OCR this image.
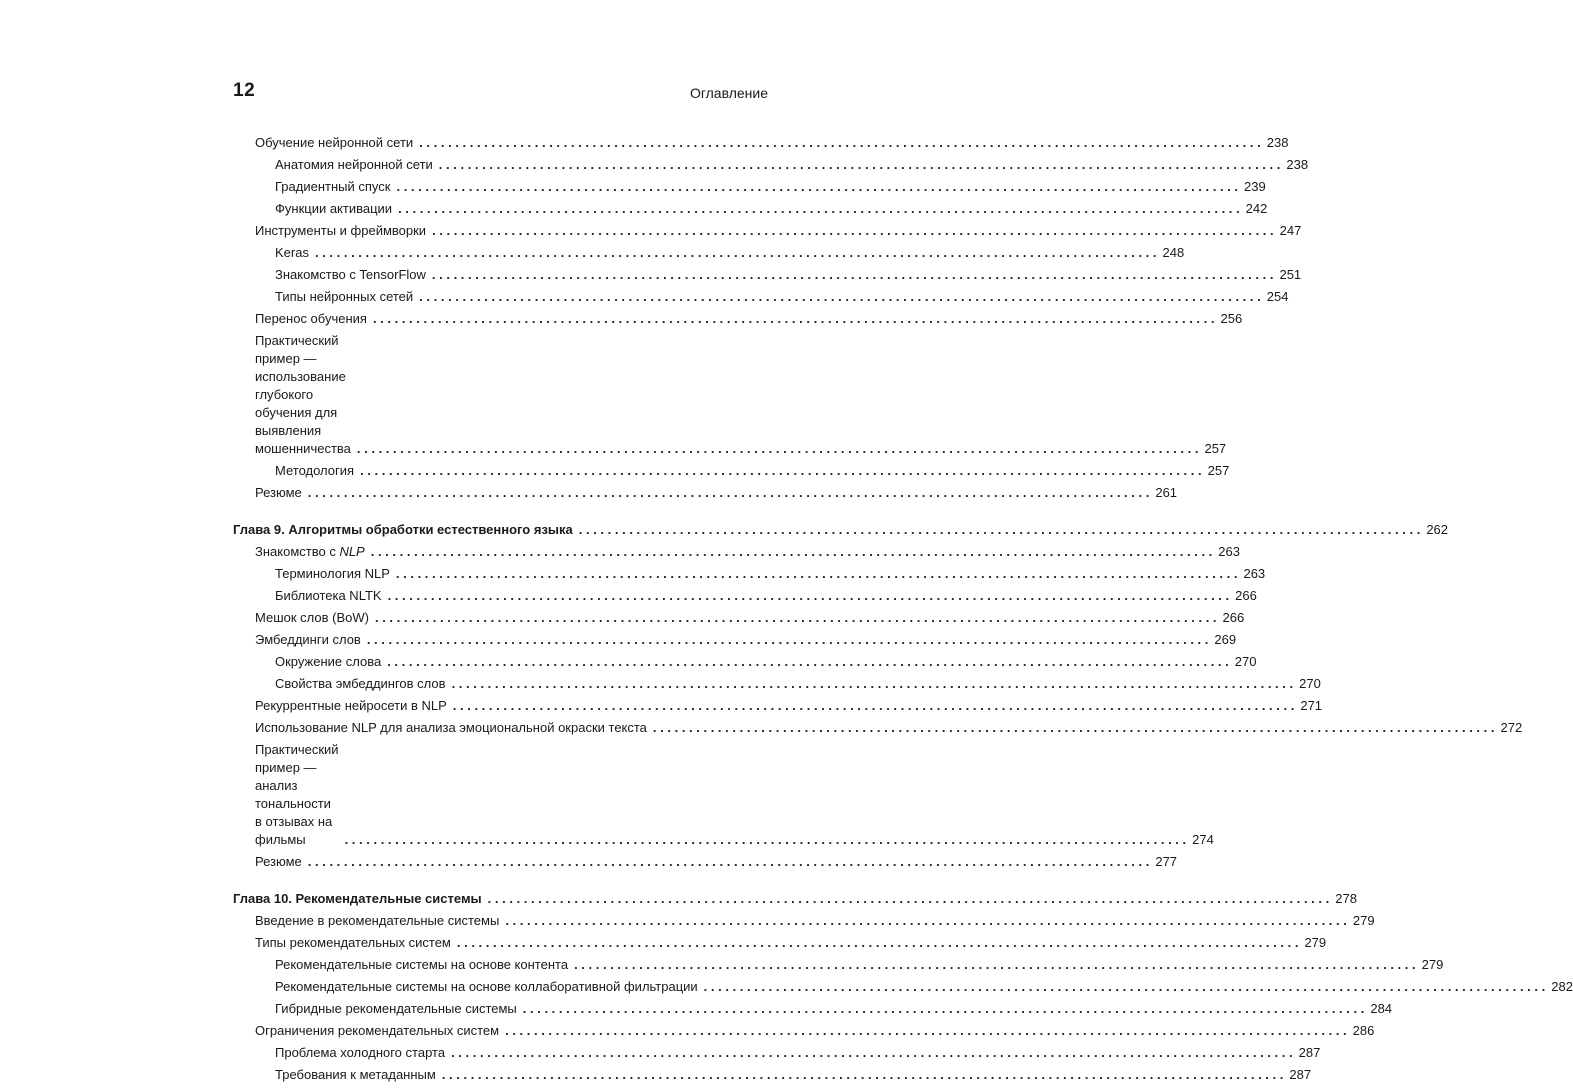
12	Оглавление
Обучение нейронной сети . . .	238
Анатомия нейронной сети . . .	238
Градиентный спуск . . .	239
Функции активации . . .	242
Инструменты и фреймворки . . .	247
Keras . . .	248
Знакомство с TensorFlow . . .	251
Типы нейронных сетей . . .	254
Перенос обучения . . .	256
Практический пример — использование глубокого обучения для выявления
мошенничества . . .	257
Методология . . .	257
Резюме . . .	261
Глава 9. Алгоритмы обработки естественного языка . . .	262
Знакомство с NLP . . .	263
Терминология NLP . . .	263
Библиотека NLTK . . .	266
Мешок слов (BoW) . . .	266
Эмбеддинги слов . . .	269
Окружение слова . . .	270
Свойства эмбеддингов слов . . .	270
Рекуррентные нейросети в NLP . . .	271
Использование NLP для анализа эмоциональной окраски текста . . .	272
Практический пример — анализ тональности
в отзывах на фильмы . . .	274
Резюме . . .	277
Глава 10. Рекомендательные системы . . .	278
Введение в рекомендательные системы . . .	279
Типы рекомендательных систем . . .	279
Рекомендательные системы на основе контента . . .	279
Рекомендательные системы на основе коллаборативной фильтрации . . .	282
Гибридные рекомендательные системы . . .	284
Ограничения рекомендательных систем . . .	286
Проблема холодного старта . . .	287
Требования к метаданным . . .	287
